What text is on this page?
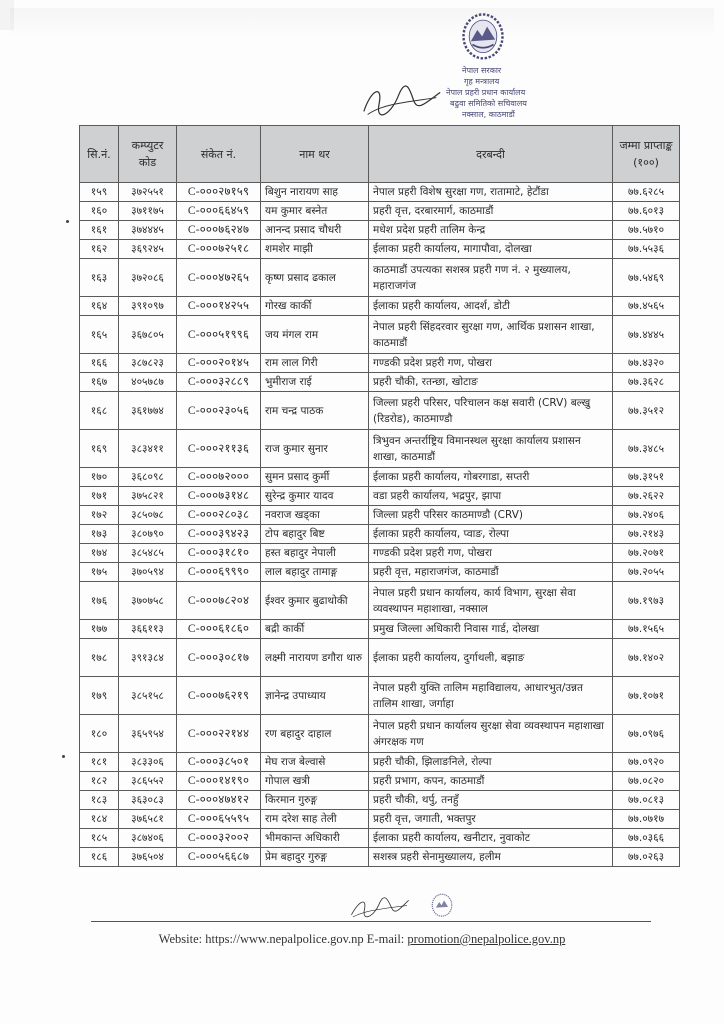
नेपाल सरकार
गृह मन्त्रालय
नेपाल प्रहरी प्रधान कार्यालय
बढुवा समितिको सचिवालय
नक्साल, काठमाडौं
सि.नं.	कम्प्युटर कोड	संकेत नं.	नाम थर	दरबन्दी	जम्मा प्राप्ताङ्क (१००)
१५९	३७२५५१	C-०००२७१५९	बिशुन नारायण साह	नेपाल प्रहरी विशेष सुरक्षा गण, रातामाटे, हेटौंडा	७७.६२८५
१६०	३७११७५	C-०००६६४५९	यम कुमार बस्नेत	प्रहरी वृत्त, दरबारमार्ग, काठमाडौं	७७.६०१३
१६१	३७४४४५	C-०००७६२४७	आनन्द प्रसाद चौधरी	मधेश प्रदेश प्रहरी तालिम केन्द्र	७७.५७१०
१६२	३६९२४५	C-०००७२५१८	शमशेर माझी	ईलाका प्रहरी कार्यालय, मागापौवा, दोलखा	७७.५५३६
१६३	३७२०८६	C-०००४७२६५	कृष्ण प्रसाद ढकाल	काठमाडौं उपत्यका सशस्त्र प्रहरी गण नं. २ मुख्यालय, महाराजगंज	७७.५४६९
१६४	३९१०९७	C-०००१४२५५	गोरख कार्की	ईलाका प्रहरी कार्यालय, आदर्श, डोटी	७७.४५६५
१६५	३६७८०५	C-०००५१९९६	जय मंगल राम	नेपाल प्रहरी सिंहदरवार सुरक्षा गण, आर्थिक प्रशासन शाखा, काठमाडौं	७७.४४४५
१६६	३८७८२३	C-०००२०१४५	राम लाल गिरी	गण्डकी प्रदेश प्रहरी गण, पोखरा	७७.४३२०
१६७	४०५७८७	C-०००३२८८९	भुमीराज राई	प्रहरी चौकी, रतन्छा, खोटाङ	७७.३६२८
१६८	३६१७७४	C-०००२३०५६	राम चन्द्र पाठक	जिल्ला प्रहरी परिसर, परिचालन कक्ष सवारी (CRV) बल्खु (रिडरोड), काठमाण्डौ	७७.३५१२
१६९	३८३४११	C-०००२११३६	राज कुमार सुनार	त्रिभुवन अन्तर्राष्ट्रिय विमानस्थल सुरक्षा कार्यालय प्रशासन शाखा, काठमाडौं	७७.३४८५
१७०	३६८०९८	C-०००७२०००	सुमन प्रसाद कुर्मी	ईलाका प्रहरी कार्यालय, गोबरगाडा, सप्तरी	७७.३१५१
१७१	३७५८२१	C-०००७३१४८	सुरेन्द्र कुमार यादव	वडा प्रहरी कार्यालय, भद्रपुर, झापा	७७.२६२२
१७२	३८५०७८	C-०००२८०३८	नवराज खड्का	जिल्ला प्रहरी परिसर काठमाण्डौ (CRV)	७७.२४०६
१७३	३८०७९०	C-०००३९४२३	टोप बहादुर बिष्ट	ईलाका प्रहरी कार्यालय, प्वाङ, रोल्पा	७७.२१४३
१७४	३८५४८५	C-०००३१८१०	हस्त बहादुर नेपाली	गण्डकी प्रदेश प्रहरी गण, पोखरा	७७.२०७१
१७५	३७०५९४	C-०००६९९९०	लाल बहादुर तामाङ्ग	प्रहरी वृत्त, महाराजगंज, काठमाडौं	७७.२०५५
१७६	३७०७५८	C-०००७८२०४	ईश्वर कुमार बुढाथोकी	नेपाल प्रहरी प्रधान कार्यालय, कार्य विभाग, सुरक्षा सेवा व्यवस्थापन महाशाखा, नक्साल	७७.१९७३
१७७	३६६११३	C-०००६१८६०	बद्री कार्की	प्रमुख जिल्ला अधिकारी निवास गार्ड, दोलखा	७७.१५६५
१७८	३९१३८४	C-०००३०८१७	लक्ष्मी नारायण डगौरा थारु	ईलाका प्रहरी कार्यालय, दुर्गाथली, बझाङ	७७.१४०२
१७९	३८५१५८	C-०००७६२१९	ज्ञानेन्द्र उपाध्याय	नेपाल प्रहरी युक्ति तालिम महाविद्यालय, आधारभुत/उन्नत तालिम शाखा, जर्गाहा	७७.१०७१
१८०	३६५९५४	C-०००२२१४४	रण बहादुर दाहाल	नेपाल प्रहरी प्रधान कार्यालय सुरक्षा सेवा व्यवस्थापन महाशाखा अंगरक्षक गण	७७.०९७६
१८१	३८३३०६	C-०००३८५०१	मेघ राज बेल्वासे	प्रहरी चौकी, झिलाङनिले, रोल्पा	७७.०९२०
१८२	३८६५५२	C-०००१४१९०	गोपाल खत्री	प्रहरी प्रभाग, कपन, काठमाडौं	७७.०८२०
१८३	३६३०८३	C-०००४७४१२	किरमान गुरुङ्ग	प्रहरी चौकी, थर्पु, तनहुँ	७७.०८१३
१८४	३७६५८१	C-०००६५५९५	राम दरेश साह तेली	प्रहरी वृत्त, जगाती, भक्तपुर	७७.०७१७
१८५	३८७४०६	C-०००३२००२	भीमकान्त अधिकारी	ईलाका प्रहरी कार्यालय, खनीटार, नुवाकोट	७७.०३६६
१८६	३७६५०४	C-०००५६६८७	प्रेम बहादुर गुरुङ्ग	सशस्त्र प्रहरी सेनामुख्यालय, हलीम	७७.०२६३
Website: https://www.nepalpolice.gov.np E-mail: promotion@nepalpolice.gov.np
